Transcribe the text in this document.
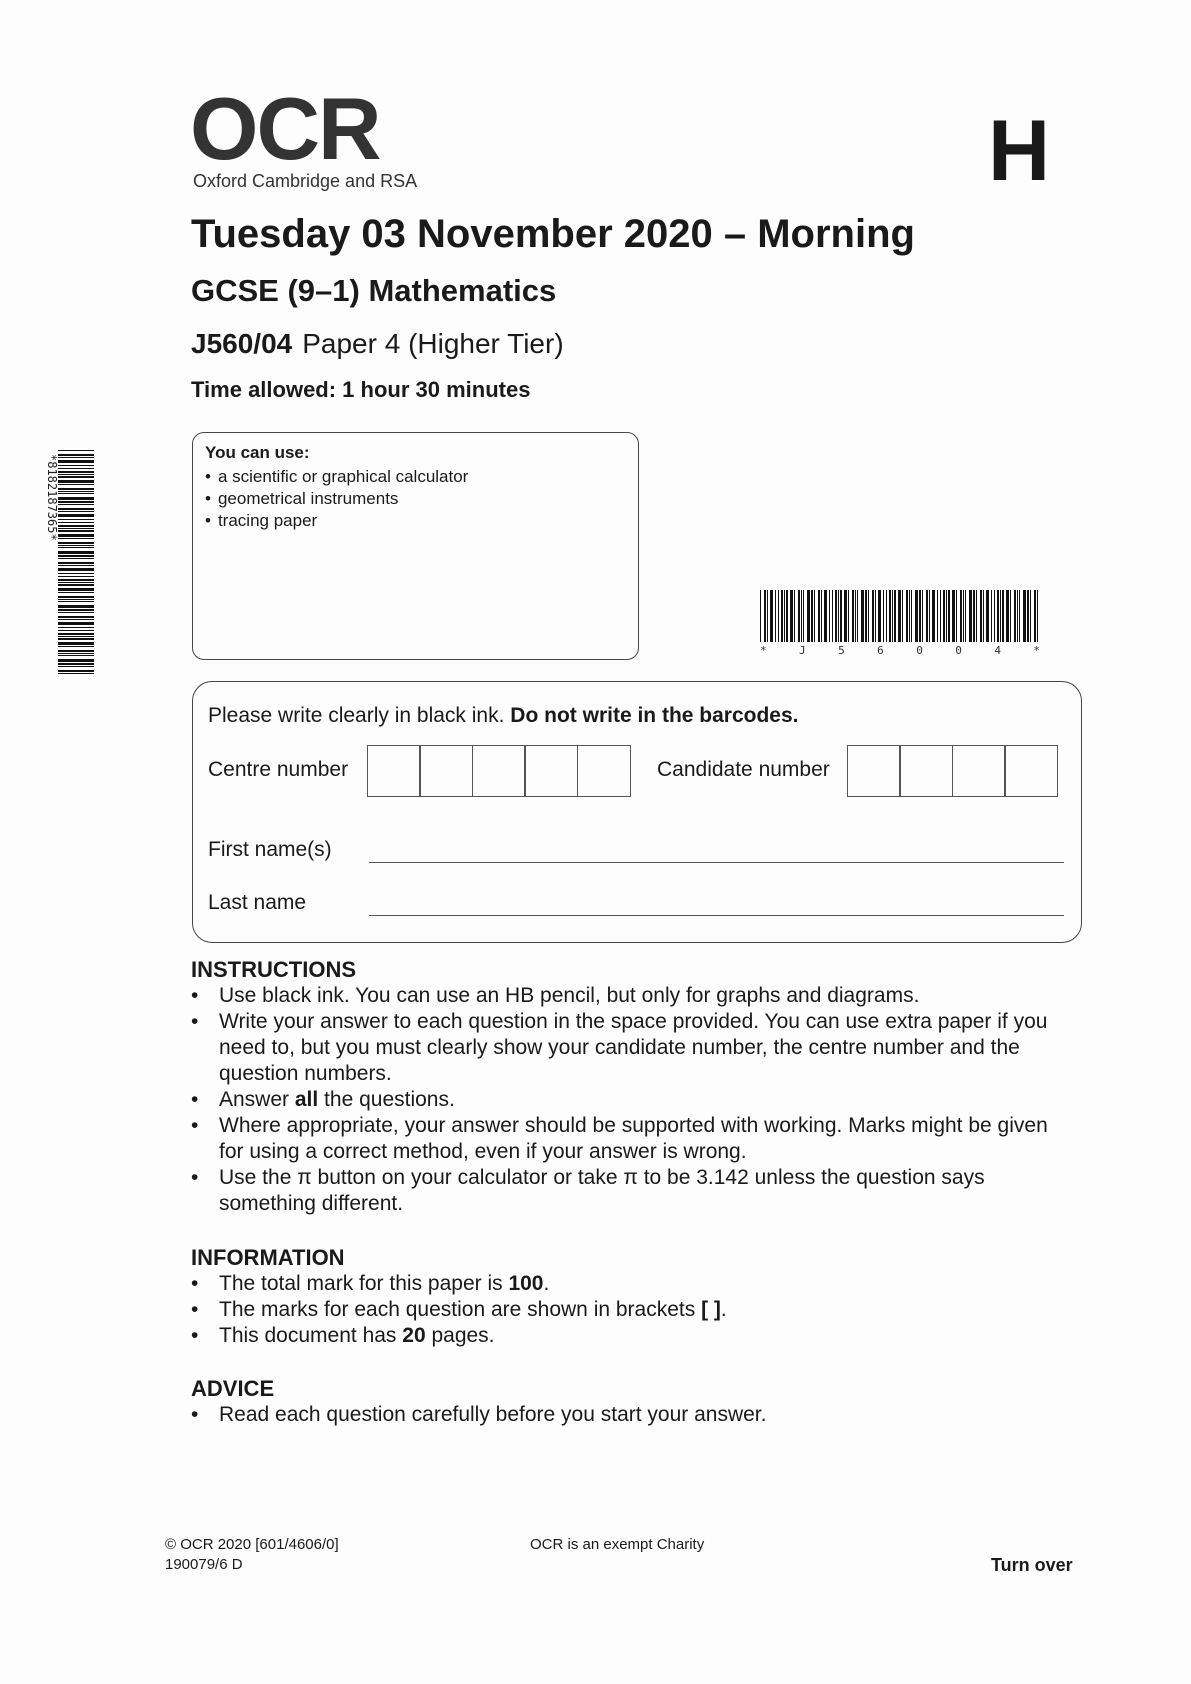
OCR
Oxford Cambridge and RSA	H
Tuesday 03 November 2020 – Morning
GCSE (9–1) Mathematics
J560/04 Paper 4 (Higher Tier)
Time allowed: 1 hour 30 minutes
You can use:
• a scientific or graphical calculator
• geometrical instruments
• tracing paper
*8182187365*
* J 5 6 0 0 4 *
Please write clearly in black ink. Do not write in the barcodes.
Centre number	Candidate number
First name(s)
Last name
INSTRUCTIONS
• Use black ink. You can use an HB pencil, but only for graphs and diagrams.
• Write your answer to each question in the space provided. You can use extra paper if you need to, but you must clearly show your candidate number, the centre number and the question numbers.
• Answer all the questions.
• Where appropriate, your answer should be supported with working. Marks might be given for using a correct method, even if your answer is wrong.
• Use the π button on your calculator or take π to be 3.142 unless the question says something different.
INFORMATION
• The total mark for this paper is 100.
• The marks for each question are shown in brackets [ ].
• This document has 20 pages.
ADVICE
• Read each question carefully before you start your answer.
© OCR 2020 [601/4606/0]
190079/6 D
OCR is an exempt Charity
Turn over
